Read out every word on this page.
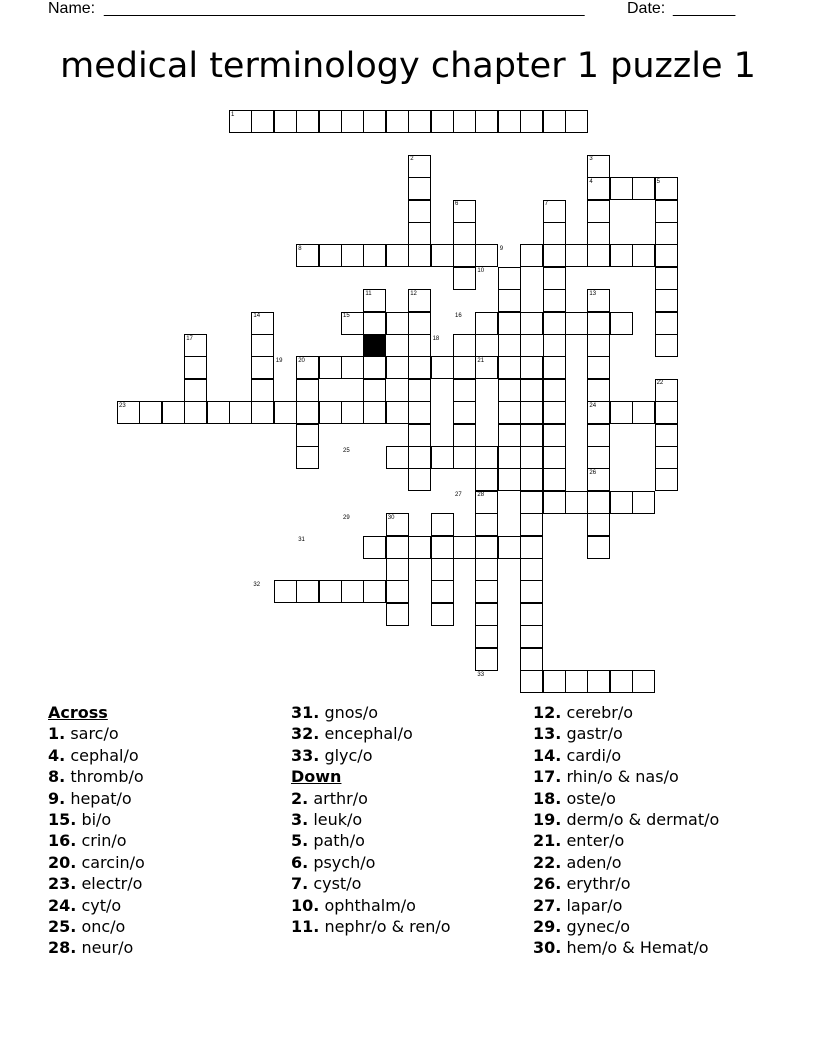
Name: ______________________________________________________	Date: _______
medical terminology chapter 1 puzzle 1
1
2	3
4	5
6	7
8	9
10
11	12	13
14	15	16
17	18
19	20	21
22
23	24
25
26
27	28
29	30
31
32
33
Across
1. sarc/o
4. cephal/o
8. thromb/o
9. hepat/o
15. bi/o
16. crin/o
20. carcin/o
23. electr/o
24. cyt/o
25. onc/o
28. neur/o
31. gnos/o
32. encephal/o
33. glyc/o
Down
2. arthr/o
3. leuk/o
5. path/o
6. psych/o
7. cyst/o
10. ophthalm/o
11. nephr/o & ren/o
12. cerebr/o
13. gastr/o
14. cardi/o
17. rhin/o & nas/o
18. oste/o
19. derm/o & dermat/o
21. enter/o
22. aden/o
26. erythr/o
27. lapar/o
29. gynec/o
30. hem/o & Hemat/o
